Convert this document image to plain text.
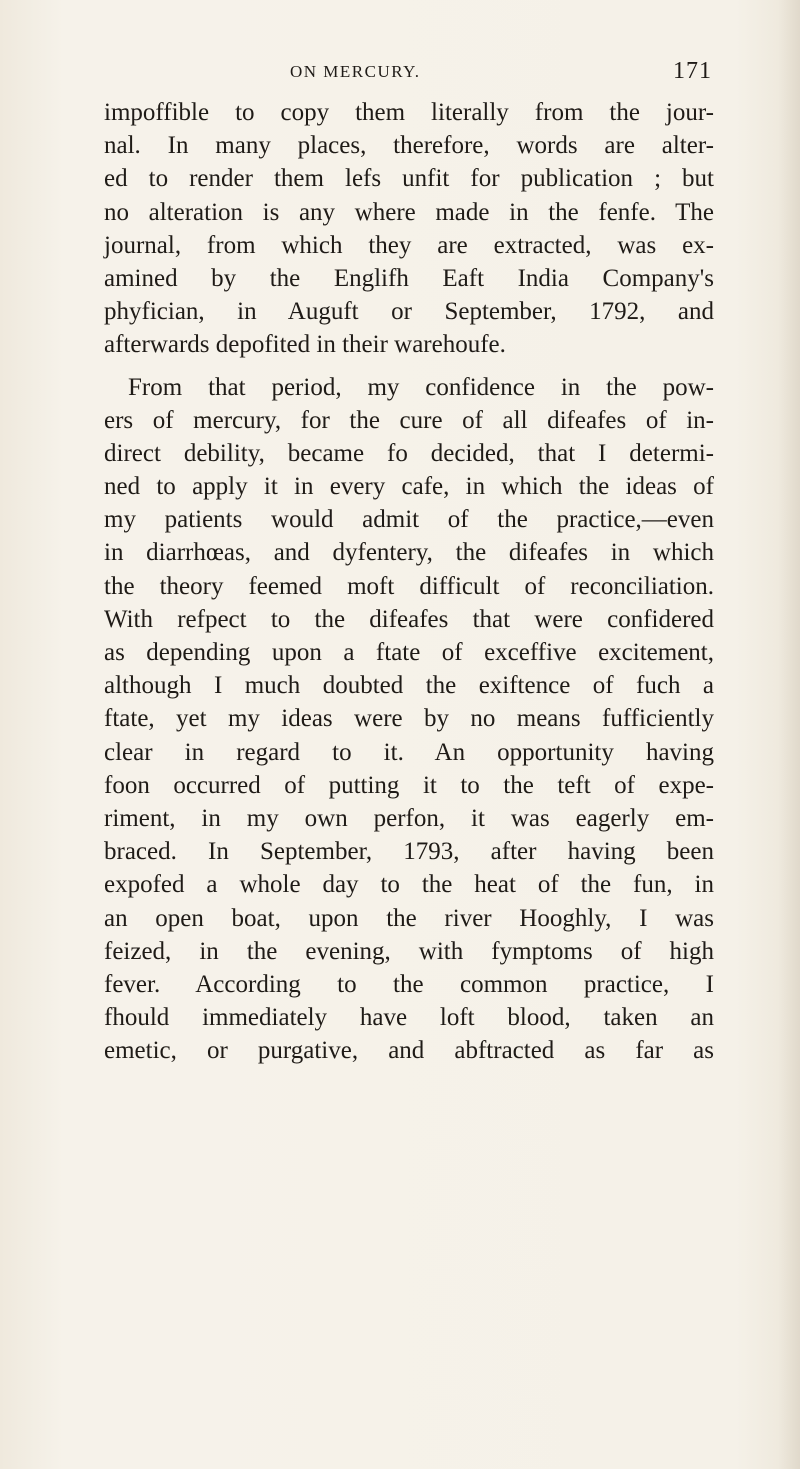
ON MERCURY.	171
impoffible to copy them literally from the jour-
nal. In many places, therefore, words are alter-
ed to render them lefs unfit for publication ; but
no alteration is any where made in the fenfe. The
journal, from which they are extracted, was ex-
amined by the Englifh Eaft India Company's
phyfician, in Auguft or September, 1792, and
afterwards depofited in their warehoufe.
From that period, my confidence in the pow-
ers of mercury, for the cure of all difeafes of in-
direct debility, became fo decided, that I determi-
ned to apply it in every cafe, in which the ideas of
my patients would admit of the practice,—even
in diarrhœas, and dyfentery, the difeafes in which
the theory feemed moft difficult of reconciliation.
With refpect to the difeafes that were confidered
as depending upon a ftate of exceffive excitement,
although I much doubted the exiftence of fuch a
ftate, yet my ideas were by no means fufficiently
clear in regard to it. An opportunity having
foon occurred of putting it to the teft of expe-
riment, in my own perfon, it was eagerly em-
braced. In September, 1793, after having been
expofed a whole day to the heat of the fun, in
an open boat, upon the river Hooghly, I was
feized, in the evening, with fymptoms of high
fever. According to the common practice, I
fhould immediately have loft blood, taken an
emetic, or purgative, and abftracted as far as
